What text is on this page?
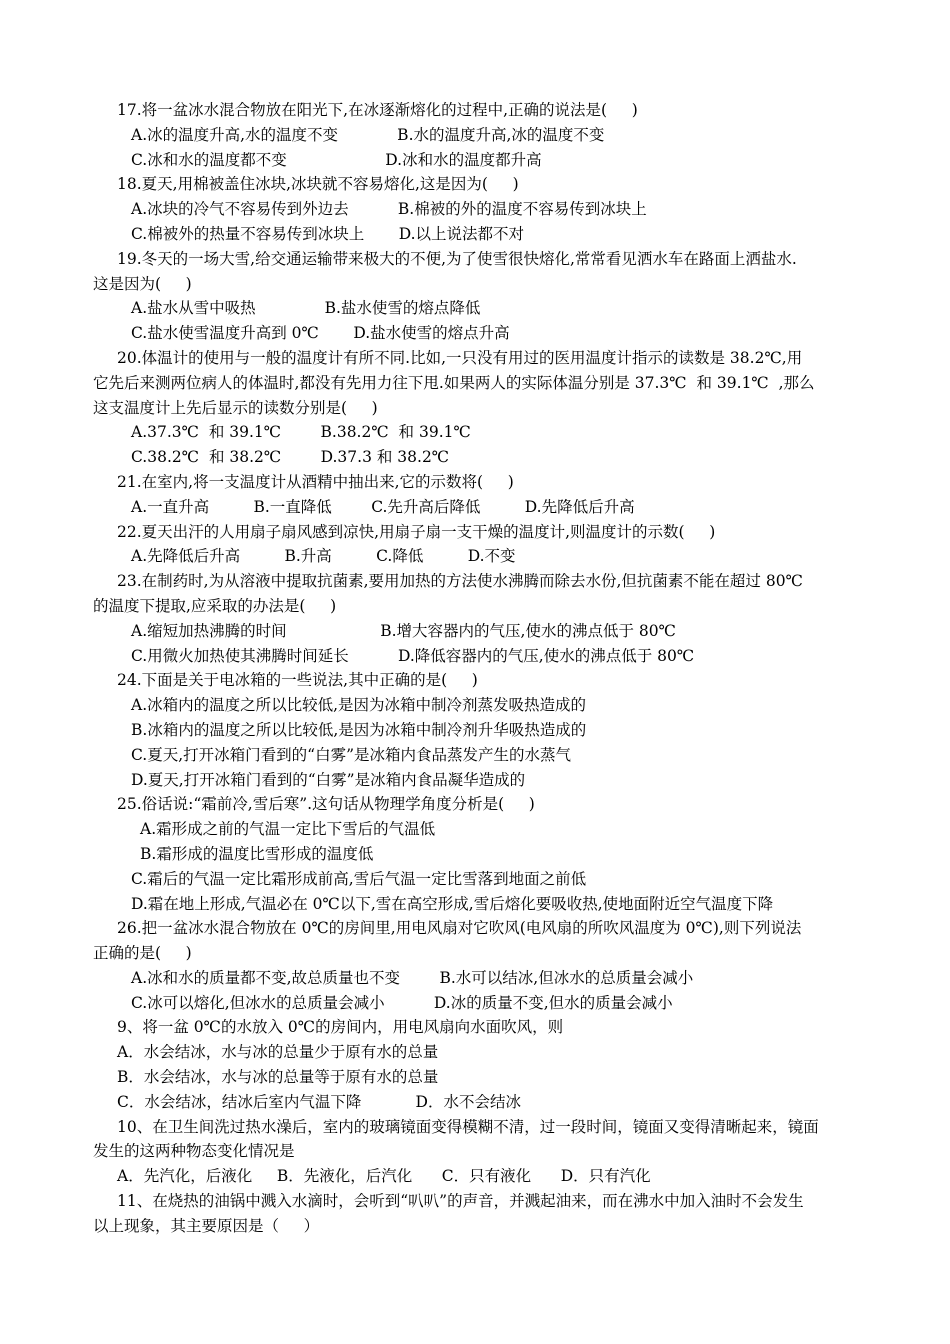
17.将一盆冰水混合物放在阳光下,在冰逐渐熔化的过程中,正确的说法是(     )
A.冰的温度升高,水的温度不变            B.水的温度升高,冰的温度不变
C.冰和水的温度都不变                    D.冰和水的温度都升高
18.夏天,用棉被盖住冰块,冰块就不容易熔化,这是因为(     )
A.冰块的冷气不容易传到外边去          B.棉被的外的温度不容易传到冰块上
C.棉被外的热量不容易传到冰块上       D.以上说法都不对
19.冬天的一场大雪,给交通运输带来极大的不便,为了使雪很快熔化,常常看见洒水车在路面上洒盐水.
这是因为(     )
A.盐水从雪中吸热              B.盐水使雪的熔点降低
C.盐水使雪温度升高到 0℃       D.盐水使雪的熔点升高
20.体温计的使用与一般的温度计有所不同.比如,一只没有用过的医用温度计指示的读数是 38.2℃,用
它先后来测两位病人的体温时,都没有先用力往下甩.如果两人的实际体温分别是 37.3℃  和 39.1℃  ,那么
这支温度计上先后显示的读数分别是(     )
A.37.3℃  和 39.1℃        B.38.2℃  和 39.1℃
C.38.2℃  和 38.2℃        D.37.3 和 38.2℃
21.在室内,将一支温度计从酒精中抽出来,它的示数将(     )
A.一直升高         B.一直降低        C.先升高后降低         D.先降低后升高
22.夏天出汗的人用扇子扇风感到凉快,用扇子扇一支干燥的温度计,则温度计的示数(     )
A.先降低后升高         B.升高         C.降低         D.不变
23.在制药时,为从溶液中提取抗菌素,要用加热的方法使水沸腾而除去水份,但抗菌素不能在超过 80℃
的温度下提取,应采取的办法是(     )
A.缩短加热沸腾的时间                   B.增大容器内的气压,使水的沸点低于 80℃
C.用微火加热使其沸腾时间延长          D.降低容器内的气压,使水的沸点低于 80℃
24.下面是关于电冰箱的一些说法,其中正确的是(     )
A.冰箱内的温度之所以比较低,是因为冰箱中制冷剂蒸发吸热造成的
B.冰箱内的温度之所以比较低,是因为冰箱中制冷剂升华吸热造成的
C.夏天,打开冰箱门看到的“白雾”是冰箱内食品蒸发产生的水蒸气
D.夏天,打开冰箱门看到的“白雾”是冰箱内食品凝华造成的
25.俗话说:“霜前冷,雪后寒”.这句话从物理学角度分析是(     )
A.霜形成之前的气温一定比下雪后的气温低
B.霜形成的温度比雪形成的温度低
C.霜后的气温一定比霜形成前高,雪后气温一定比雪落到地面之前低
D.霜在地上形成,气温必在 0℃以下,雪在高空形成,雪后熔化要吸收热,使地面附近空气温度下降
26.把一盆冰水混合物放在 0℃的房间里,用电风扇对它吹风(电风扇的所吹风温度为 0℃),则下列说法
正确的是(     )
A.冰和水的质量都不变,故总质量也不变        B.水可以结冰,但冰水的总质量会减小
C.冰可以熔化,但冰水的总质量会减小          D.冰的质量不变,但水的质量会减小
9、将一盆 0℃的水放入 0℃的房间内，用电风扇向水面吹风，则
A．水会结冰，水与冰的总量少于原有水的总量
B．水会结冰，水与冰的总量等于原有水的总量
C．水会结冰，结冰后室内气温下降           D．水不会结冰
10、在卫生间洗过热水澡后，室内的玻璃镜面变得模糊不清，过一段时间，镜面又变得清晰起来，镜面
发生的这两种物态变化情况是
A．先汽化，后液化     B．先液化，后汽化      C．只有液化      D．只有汽化
11、在烧热的油锅中溅入水滴时，会听到“叭叭”的声音，并溅起油来，而在沸水中加入油时不会发生
以上现象，其主要原因是（     ）
